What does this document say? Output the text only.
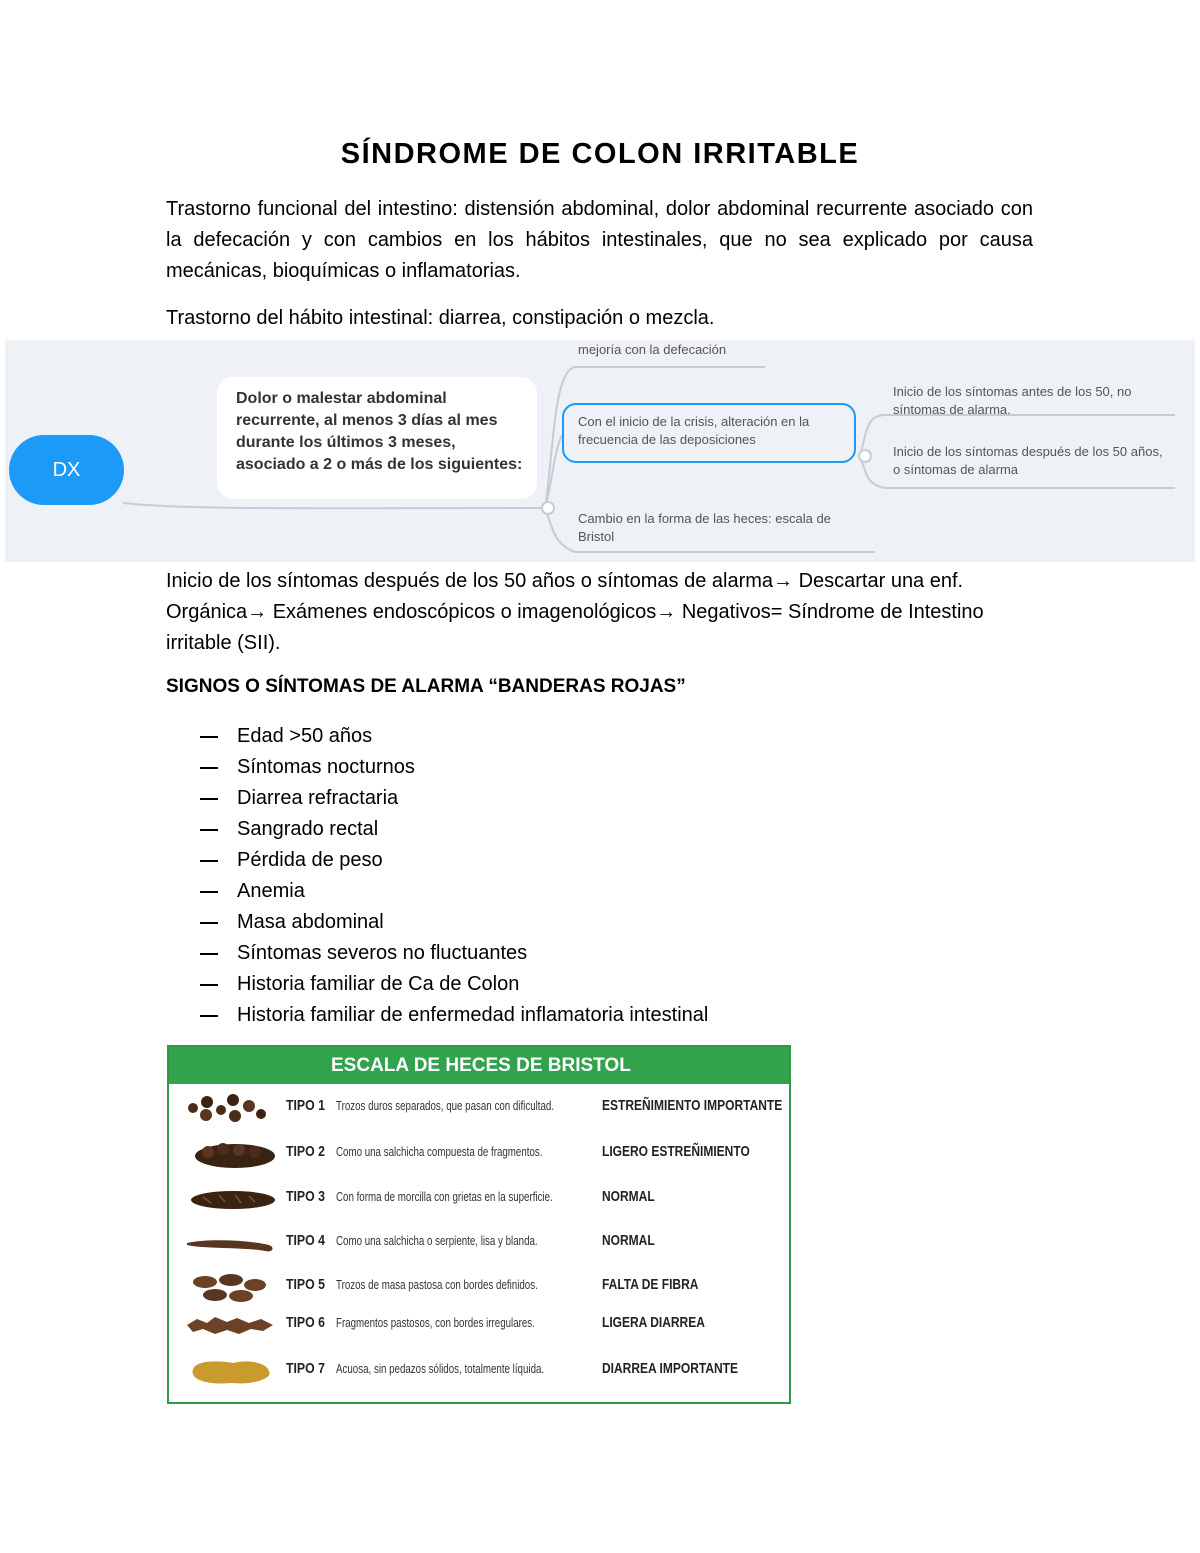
SÍNDROME DE COLON IRRITABLE

Trastorno funcional del intestino: distensión abdominal, dolor abdominal recurrente asociado con la defecación y con cambios en los hábitos intestinales, que no sea explicado por causa mecánicas, bioquímicas o inflamatorias.

Trastorno del hábito intestinal: diarrea, constipación o mezcla.

DX
Dolor o malestar abdominal recurrente, al menos 3 días al mes durante los últimos 3 meses, asociado a 2 o más de los siguientes:
mejoría con la defecación
Con el inicio de la crisis, alteración en la frecuencia de las deposiciones
Cambio en la forma de las heces: escala de Bristol
Inicio de los síntomas antes de los 50, no síntomas de alarma.
Inicio de los síntomas después de los 50 años, o síntomas de alarma

Inicio de los síntomas después de los 50 años o síntomas de alarma→ Descartar una enf. Orgánica→ Exámenes endoscópicos o imagenológicos→ Negativos= Síndrome de Intestino irritable (SII).

SIGNOS O SÍNTOMAS DE ALARMA “BANDERAS ROJAS”
Edad >50 años
Síntomas nocturnos
Diarrea refractaria
Sangrado rectal
Pérdida de peso
Anemia
Masa abdominal
Síntomas severos no fluctuantes
Historia familiar de Ca de Colon
Historia familiar de enfermedad inflamatoria intestinal
ESCALA DE HECES DE BRISTOL
TIPO 1 Trozos duros separados, que pasan con dificultad.	ESTREÑIMIENTO IMPORTANTE
TIPO 2 Como una salchicha compuesta de fragmentos.	LIGERO ESTREÑIMIENTO
TIPO 3 Con forma de morcilla con grietas en la superficie.	NORMAL
TIPO 4 Como una salchicha o serpiente, lisa y blanda.	NORMAL
TIPO 5 Trozos de masa pastosa con bordes definidos.	FALTA DE FIBRA
TIPO 6 Fragmentos pastosos, con bordes irregulares.	LIGERA DIARREA
TIPO 7 Acuosa, sin pedazos sólidos, totalmente líquida.	DIARREA IMPORTANTE
